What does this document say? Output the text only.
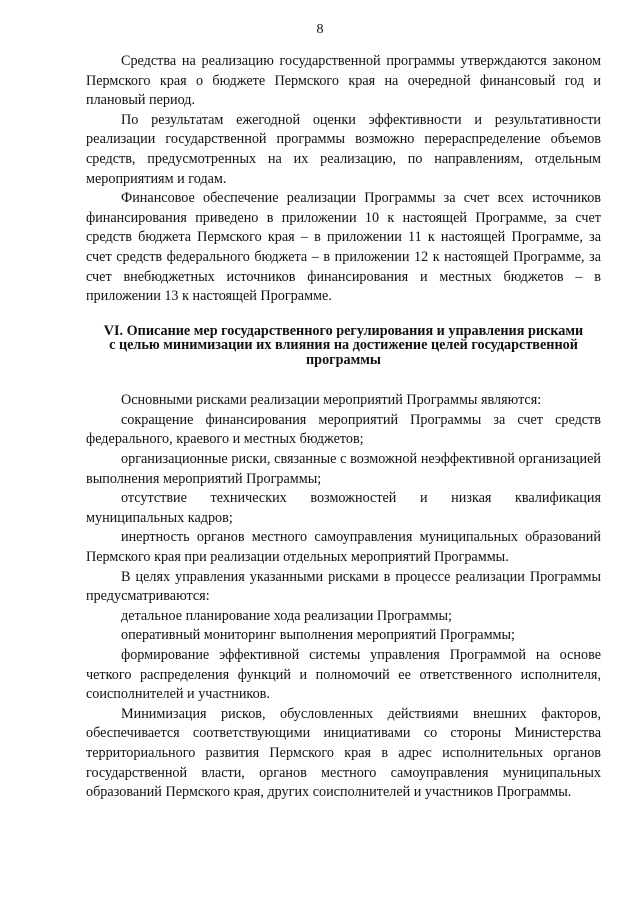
8

Средства на реализацию государственной программы утверждаются законом Пермского края о бюджете Пермского края на очередной финансовый год и плановый период.

По результатам ежегодной оценки эффективности и результативности реализации государственной программы возможно перераспределение объемов средств, предусмотренных на их реализацию, по направлениям, отдельным мероприятиям и годам.

Финансовое обеспечение реализации Программы за счет всех источников финансирования приведено в приложении 10 к настоящей Программе, за счет средств бюджета Пермского края – в приложении 11 к настоящей Программе, за счет средств федерального бюджета – в приложении 12 к настоящей Программе, за счет внебюджетных источников финансирования и местных бюджетов – в приложении 13 к настоящей Программе.

VI. Описание мер государственного регулирования и управления рисками с целью минимизации их влияния на достижение целей государственной программы

Основными рисками реализации мероприятий Программы являются:

сокращение финансирования мероприятий Программы за счет средств федерального, краевого и местных бюджетов;

организационные риски, связанные с возможной неэффективной организацией выполнения мероприятий Программы;

отсутствие технических возможностей и низкая квалификация муниципальных кадров;

инертность органов местного самоуправления муниципальных образований Пермского края при реализации отдельных мероприятий Программы.

В целях управления указанными рисками в процессе реализации Программы предусматриваются:

детальное планирование хода реализации Программы;

оперативный мониторинг выполнения мероприятий Программы;

формирование эффективной системы управления Программой на основе четкого распределения функций и полномочий ее ответственного исполнителя, соисполнителей и участников.

Минимизация рисков, обусловленных действиями внешних факторов, обеспечивается соответствующими инициативами со стороны Министерства территориального развития Пермского края в адрес исполнительных органов государственной власти, органов местного самоуправления муниципальных образований Пермского края, других соисполнителей и участников Программы.
